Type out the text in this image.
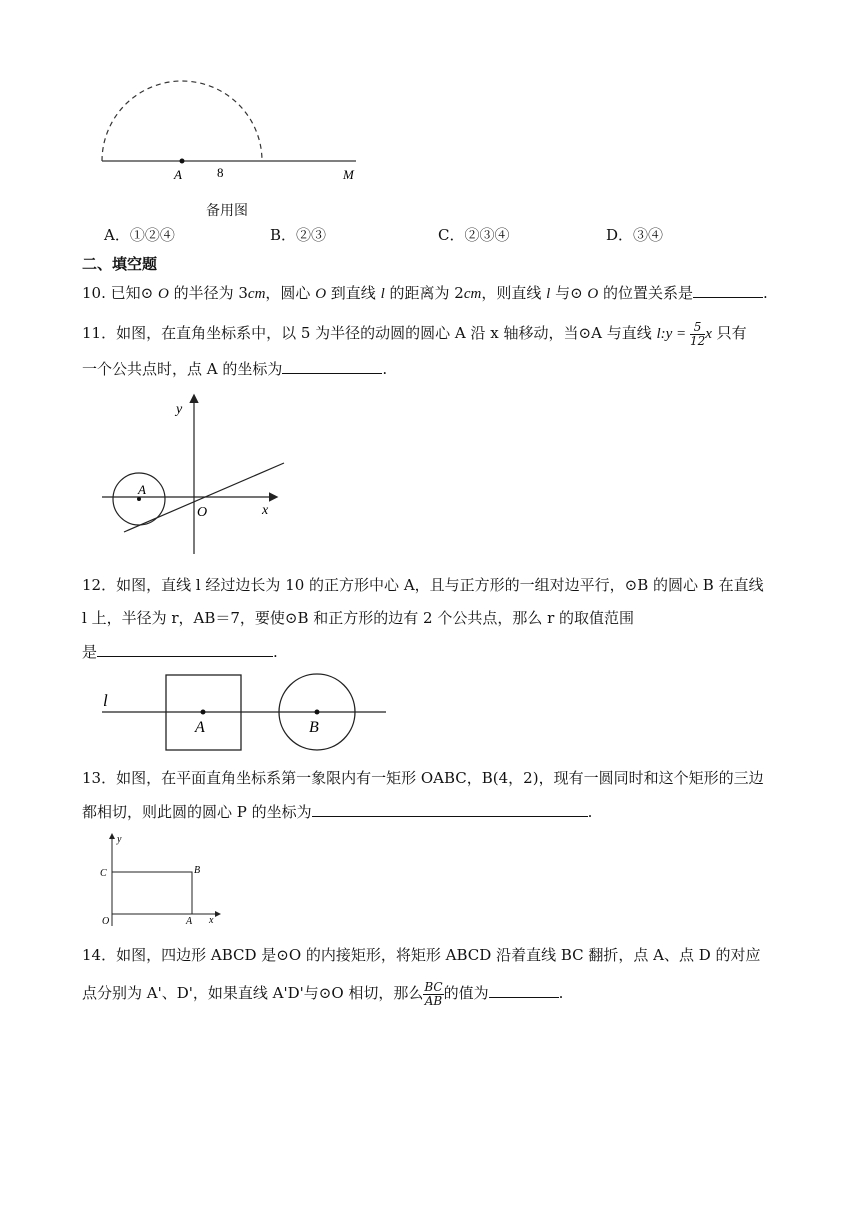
A	8	M
备用图
A．①②④	B．②③	C．②③④	D．③④
二、填空题
10. 已知⊙ O 的半径为 3cm，圆心 O 到直线 l 的距离为 2cm，则直线 l 与⊙ O 的位置关系是	.
11．如图，在直角坐标系中，以 5 为半径的动圆的圆心 A 沿 x 轴移动，当⊙A 与直线 l:y = $\frac{5}{12}$ x 只有
一个公共点时，点 A 的坐标为	.
y
x
O
A
12．如图，直线 l 经过边长为 10 的正方形中心 A，且与正方形的一组对边平行，⊙B 的圆心 B 在直线
l 上，半径为 r，AB＝7，要使⊙B 和正方形的边有 2 个公共点，那么 r 的取值范围
是	.
l
A	B
13．如图，在平面直角坐标系第一象限内有一矩形 OABC，B(4，2)，现有一圆同时和这个矩形的三边
都相切，则此圆的圆心 P 的坐标为	.
y
C	B
O	A x
14．如图，四边形 ABCD 是⊙O 的内接矩形，将矩形 ABCD 沿着直线 BC 翻折，点 A、点 D 的对应
点分别为 A'、D'，如果直线 A'D'与⊙O 相切，那么 $\frac{BC}{AB}$ 的值为	.
